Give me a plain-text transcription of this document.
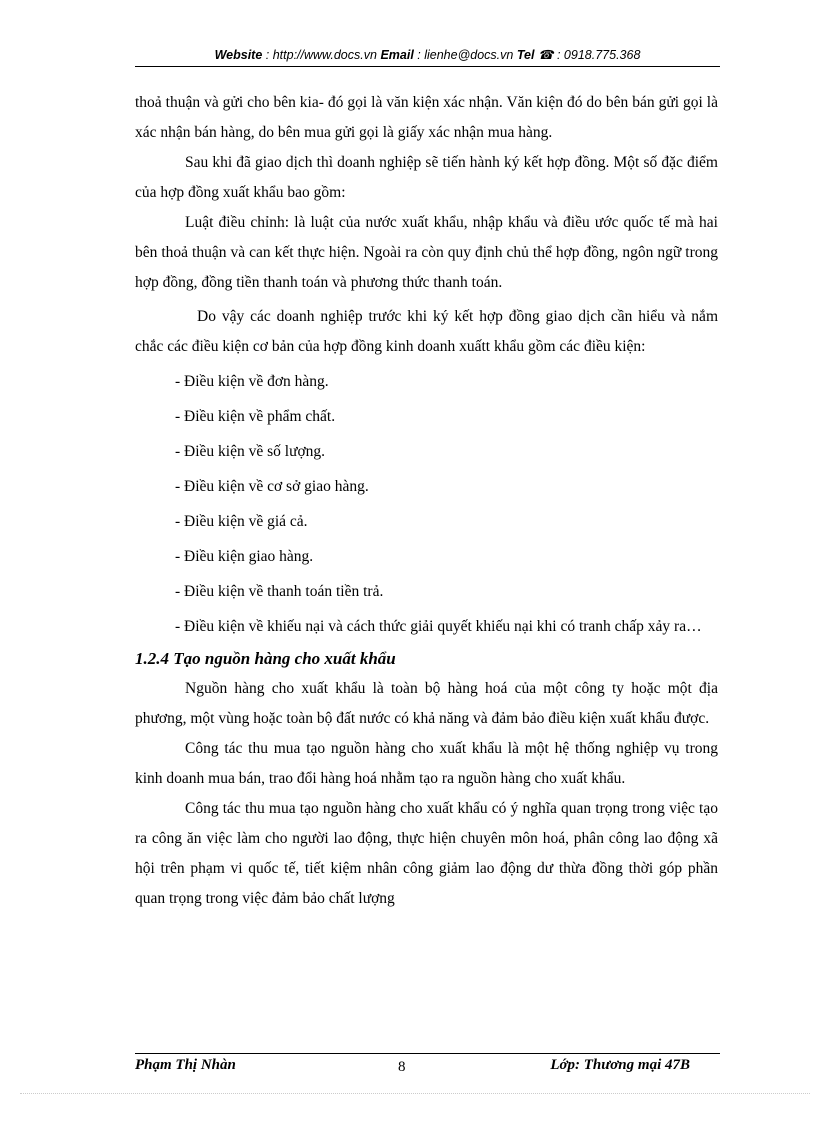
Website : http://www.docs.vn Email : lienhe@docs.vn Tel ☎ : 0918.775.368

thoả thuận và gửi cho bên kia- đó gọi là văn kiện xác nhận. Văn kiện đó do bên bán gửi gọi là xác nhận bán hàng, do bên mua gửi gọi là giấy xác nhận mua hàng.

Sau khi đã giao dịch thì doanh nghiệp sẽ tiến hành ký kết hợp đồng. Một số đặc điểm của hợp đồng xuất khẩu bao gồm:

Luật điều chỉnh: là luật của nước xuất khẩu, nhập khẩu và điều ước quốc tế mà hai bên thoả thuận và can kết thực hiện. Ngoài ra còn quy định chủ thể hợp đồng, ngôn ngữ trong hợp đồng, đồng tiền thanh toán và phương thức thanh toán.

Do vậy các doanh nghiệp trước khi ký kết hợp đồng giao dịch cần hiểu và nắm chắc các điều kiện cơ bản của hợp đồng kinh doanh xuấtt khẩu gồm các điều kiện:

- Điều kiện về đơn hàng.

- Điều kiện về phẩm chất.

- Điều kiện về số lượng.

- Điều kiện về cơ sở giao hàng.

- Điều kiện về giá cả.

- Điều kiện giao hàng.

- Điều kiện về thanh toán tiền trả.

- Điều kiện về khiếu nại và cách thức giải quyết khiếu nại khi có tranh chấp xảy ra…

1.2.4 Tạo nguồn hàng cho xuất khẩu

Nguồn hàng cho xuất khẩu là toàn bộ hàng hoá của một công ty hoặc một địa phương, một vùng hoặc toàn bộ đất nước có khả năng và đảm bảo điều kiện xuất khẩu được.

Công tác thu mua tạo nguồn hàng cho xuất khẩu là một hệ thống nghiệp vụ trong kinh doanh mua bán, trao đổi hàng hoá nhằm tạo ra nguồn hàng cho xuất khẩu.

Công tác thu mua tạo nguồn hàng cho xuất khẩu có ý nghĩa quan trọng trong việc tạo ra công ăn việc làm cho người lao động, thực hiện chuyên môn hoá, phân công lao động xã hội trên phạm vi quốc tế, tiết kiệm nhân công giảm lao động dư thừa đồng thời góp phần quan trọng trong việc đảm bảo chất lượng

Phạm Thị Nhàn	8	Lớp: Thương mại 47B
